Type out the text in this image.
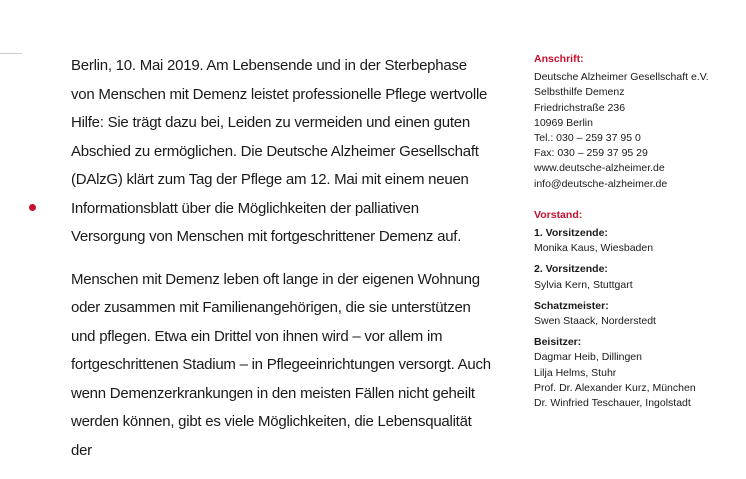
Berlin, 10. Mai 2019. Am Lebensende und in der Sterbephase von Menschen mit Demenz leistet professionelle Pflege wertvolle Hilfe: Sie trägt dazu bei, Leiden zu vermeiden und einen guten Abschied zu ermöglichen. Die Deutsche Alzheimer Gesellschaft (DAlzG) klärt zum Tag der Pflege am 12. Mai mit einem neuen Informationsblatt über die Möglichkeiten der palliativen Versorgung von Menschen mit fortgeschrittener Demenz auf.

Menschen mit Demenz leben oft lange in der eigenen Wohnung oder zusammen mit Familienangehörigen, die sie unterstützen und pflegen. Etwa ein Drittel von ihnen wird – vor allem im fortgeschrittenen Stadium – in Pflegeeinrichtungen versorgt. Auch wenn Demenzerkrankungen in den meisten Fällen nicht geheilt werden können, gibt es viele Möglichkeiten, die Lebensqualität der

Anschrift:
Deutsche Alzheimer Gesellschaft e.V.
Selbsthilfe Demenz
Friedrichstraße 236
10969 Berlin
Tel.: 030 – 259 37 95 0
Fax: 030 – 259 37 95 29
www.deutsche-alzheimer.de
info@deutsche-alzheimer.de
Vorstand:
1. Vorsitzende:
Monika Kaus, Wiesbaden
2. Vorsitzende:
Sylvia Kern, Stuttgart
Schatzmeister:
Swen Staack, Norderstedt
Beisitzer:
Dagmar Heib, Dillingen
Lilja Helms, Stuhr
Prof. Dr. Alexander Kurz, München
Dr. Winfried Teschauer, Ingolstadt
